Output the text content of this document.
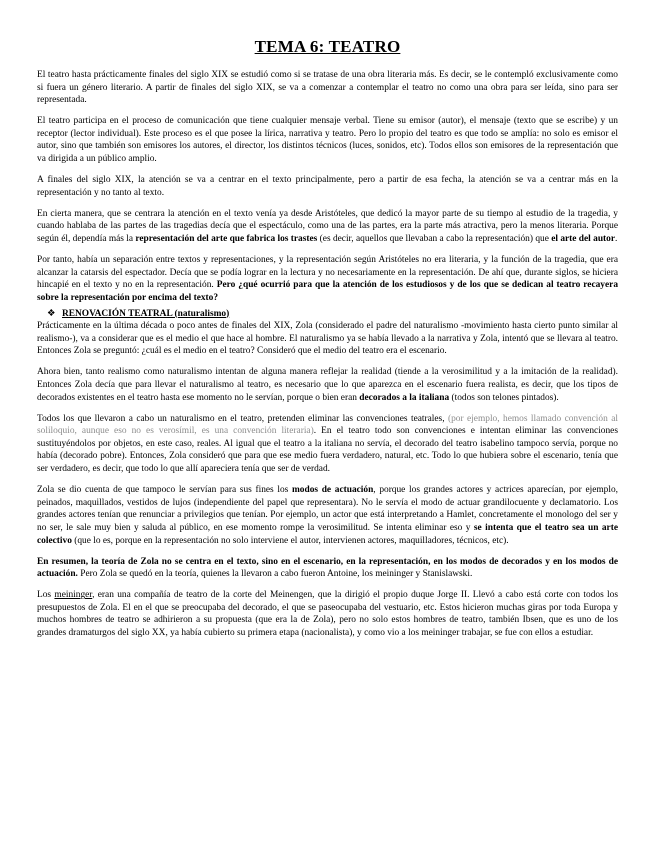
TEMA 6: TEATRO

El teatro hasta prácticamente finales del siglo XIX se estudió como si se tratase de una obra literaria más. Es decir, se le contempló exclusivamente como si fuera un género literario. A partir de finales del siglo XIX, se va a comenzar a contemplar el teatro no como una obra para ser leída, sino para ser representada.

El teatro participa en el proceso de comunicación que tiene cualquier mensaje verbal. Tiene su emisor (autor), el mensaje (texto que se escribe) y un receptor (lector individual). Este proceso es el que posee la lírica, narrativa y teatro. Pero lo propio del teatro es que todo se amplía: no solo es emisor el autor, sino que también son emisores los autores, el director, los distintos técnicos (luces, sonidos, etc). Todos ellos son emisores de la representación que va dirigida a un público amplio.

A finales del siglo XIX, la atención se va a centrar en el texto principalmente, pero a partir de esa fecha, la atención se va a centrar más en la representación y no tanto al texto.

En cierta manera, que se centrara la atención en el texto venía ya desde Aristóteles, que dedicó la mayor parte de su tiempo al estudio de la tragedia, y cuando hablaba de las partes de las tragedias decía que el espectáculo, como una de las partes, era la parte más atractiva, pero la menos literaria. Porque según él, dependía más la representación del arte que fabrica los trastes (es decir, aquellos que llevaban a cabo la representación) que el arte del autor.

Por tanto, había un separación entre textos y representaciones, y la representación según Aristóteles no era literaria, y la función de la tragedia, que era alcanzar la catarsis del espectador. Decía que se podía lograr en la lectura y no necesariamente en la representación. De ahí que, durante siglos, se hiciera hincapié en el texto y no en la representación. Pero ¿qué ocurrió para que la atención de los estudiosos y de los que se dedican al teatro recayera sobre la representación por encima del texto?

❖ RENOVACIÓN TEATRAL (naturalismo)

Prácticamente en la última década o poco antes de finales del XIX, Zola (considerado el padre del naturalismo -movimiento hasta cierto punto similar al realismo-), va a considerar que es el medio el que hace al hombre. El naturalismo ya se había llevado a la narrativa y Zola, intentó que se llevara al teatro. Entonces Zola se preguntó: ¿cuál es el medio en el teatro? Consideró que el medio del teatro era el escenario.

Ahora bien, tanto realismo como naturalismo intentan de alguna manera reflejar la realidad (tiende a la verosimilitud y a la imitación de la realidad). Entonces Zola decía que para llevar el naturalismo al teatro, es necesario que lo que aparezca en el escenario fuera realista, es decir, que los tipos de decorados existentes en el teatro hasta ese momento no le servían, porque o bien eran decorados a la italiana (todos son telones pintados).

Todos los que llevaron a cabo un naturalismo en el teatro, pretenden eliminar las convenciones teatrales, (por ejemplo, hemos llamado convención al soliloquio, aunque eso no es verosímil, es una convención literaria). En el teatro todo son convenciones e intentan eliminar las convenciones sustituyéndolos por objetos, en este caso, reales. Al igual que el teatro a la italiana no servía, el decorado del teatro isabelino tampoco servía, porque no había (decorado pobre). Entonces, Zola consideró que para que ese medio fuera verdadero, natural, etc. Todo lo que hubiera sobre el escenario, tenía que ser verdadero, es decir, que todo lo que allí apareciera tenía que ser de verdad.

Zola se dio cuenta de que tampoco le servían para sus fines los modos de actuación, porque los grandes actores y actrices aparecían, por ejemplo, peinados, maquillados, vestidos de lujos (independiente del papel que representara). No le servía el modo de actuar grandilocuente y declamatorio. Los grandes actores tenían que renunciar a privilegios que tenían. Por ejemplo, un actor que está interpretando a Hamlet, concretamente el monologo del ser y no ser, le sale muy bien y saluda al público, en ese momento rompe la verosimilitud. Se intenta eliminar eso y se intenta que el teatro sea un arte colectivo (que lo es, porque en la representación no solo interviene el autor, intervienen actores, maquilladores, técnicos, etc).

En resumen, la teoría de Zola no se centra en el texto, sino en el escenario, en la representación, en los modos de decorados y en los modos de actuación. Pero Zola se quedó en la teoría, quienes la llevaron a cabo fueron Antoine, los meininger y Stanislawski.

Los meininger, eran una compañía de teatro de la corte del Meinengen, que la dirigió el propio duque Jorge II. Llevó a cabo está corte con todos los presupuestos de Zola. El en el que se preocupaba del decorado, el que se paseocupaba del vestuario, etc. Estos hicieron muchas giras por toda Europa y muchos hombres de teatro se adhirieron a su propuesta (que era la de Zola), pero no solo estos hombres de teatro, también Ibsen, que es uno de los grandes dramaturgos del siglo XX, ya había cubierto su primera etapa (nacionalista), y como vio a los meininger trabajar, se fue con ellos a estudiar.
